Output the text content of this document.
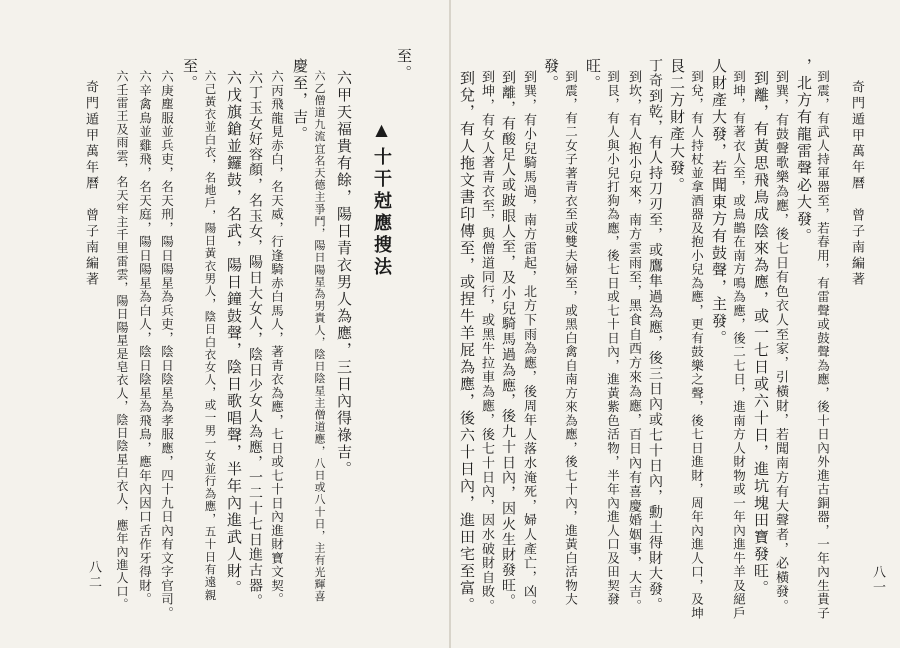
奇門遁甲萬年曆　曾子南編著
到震，有武人持軍器至，若春用，有雷聲或鼓聲為應，後十日內外進古銅器，一年內生貴子
，北方有龍雷聲必大發。
到巽，有鼓聲歌樂為應，後七日有色衣人至家，引橫財，若聞南方有大聲者，必橫發。
到離，有黃思飛鳥成陰來為應，或一七日或六十日，進坑塊田寶發旺。
到坤，有著衣人至，或鳥鵲在南方鳴為應，後二七日，進南方人財物或一年內進牛羊及絕戶
人財產大發，若聞東方有鼓聲，主發。
到兌，有人持杖並拿酒器及抱小兒為應，更有鼓樂之聲，後七日進財，周年內進人口，及坤
艮二方財產大發。
丁奇到乾，有人持刀刃至，或鷹隼過為應，後三日內或七十日內，勳土得財大發。
到坎，有人抱小兒來，南方雲雨至，黑食自西方來為應，百日內有喜慶婚姻事，大吉。
到艮，有人與小兒打狗為應，後七日或七十日內，進黃紫色活物，半年內進人口及田契發
旺。
到震，有二女子著青衣至或雙夫婦至，或黑白禽自南方來為應，後七十內，進黃白活物大
發。
到巽，有小兒騎馬過，南方雷起，北方下雨為應，後周年人落水淹死，婦人產亡，凶。
到離，有酸足人或跛眼人至，及小兒騎馬過為應，後九十日內，因火生財發旺。
到坤，有女人著青衣至，與僧道同行，或黑牛拉車為應，後七十日內，因水破財自敗。
到兌，有人拖文書印傳至，或捏牛羊屁為應，後六十日內，進田宅至富。	八一
至。
▲十干尅應搜法
六甲天福貴有餘，陽日青衣男人為應，三日內得祿吉。
六乙僧道九流宜名天德主爭鬥，陽日陽星為男貴人，陰日陰星主僧道應，八日或八十日，主有光輝喜
慶至，吉。
六丙飛龍見赤白，名天威，行逢騎赤白馬人，著青衣為應，七日或七十日內進財寶文契。
六丁玉女好容顏，名玉女，陽日大女人，陰日少女人為應，一二十七日進古器。
六戊旗鎗並鑼鼓，名武，陽日鐘鼓聲，陰日歌唱聲，半年內進武人財。
六己黃衣並白衣，名地戶，陽日黃衣男人，陰日白衣女人，或一男一女並行為應，五十日有遠親
至。
六庚塵服並兵吏，名天刑，陽日陽星為兵吏，陰日陰星為孝服應，四十九日內有文字官司。
六辛禽鳥並雞飛，名天庭，陽日陽星為白人，陰日陰星為飛鳥，應年內因口舌作牙得財。
六壬雷王及雨雲，名天牢主千里雷雲，陽日陽星是皂衣人，陰日陰星白衣人，應年內進人口。
奇門遁甲萬年曆　曾子南編著
八二
